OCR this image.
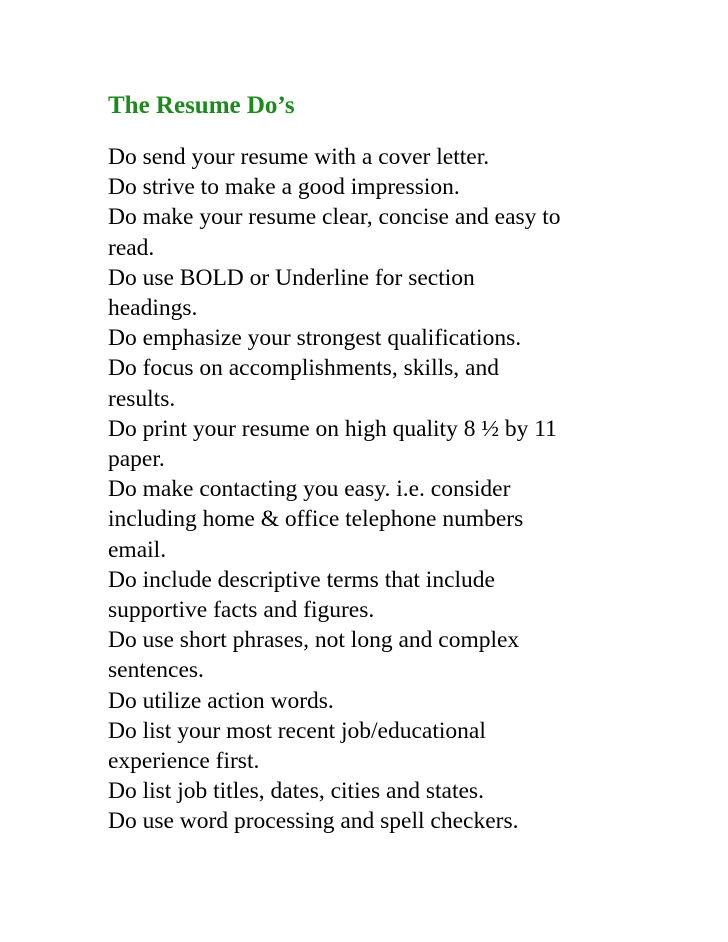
The Resume Do’s
Do send your resume with a cover letter.
Do strive to make a good impression.
Do make your resume clear, concise and easy to
read.
Do use BOLD or Underline for section
headings.
Do emphasize your strongest qualifications.
Do focus on accomplishments, skills, and
results.
Do print your resume on high quality 8 ½ by 11
paper.
Do make contacting you easy. i.e. consider
including home & office telephone numbers
email.
Do include descriptive terms that include
supportive facts and figures.
Do use short phrases, not long and complex
sentences.
Do utilize action words.
Do list your most recent job/educational
experience first.
Do list job titles, dates, cities and states.
Do use word processing and spell checkers.
